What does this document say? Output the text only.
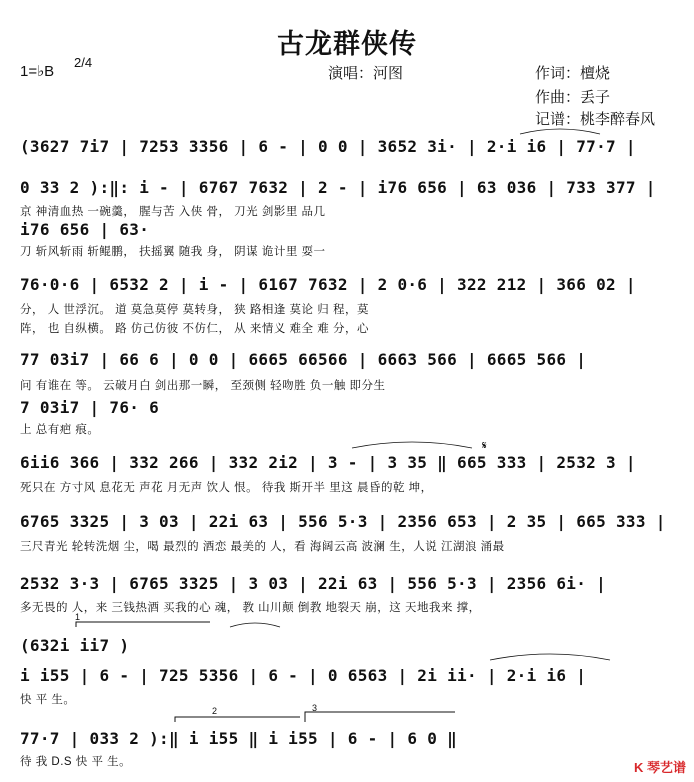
古龙群侠传
1=♭B
2/4
演唱：河图	作词：檀烧
作曲：丢子
记谱：桃李醉春风
(3627 7i7 | 7253 3356 | 6 - | 0 0 | 3652 3i· | 2·i i6 | 77·7 |
0 33 2 ):‖: i - | 6767 7632 | 2 - | i76 656 | 63 036 | 733 377 |
京 神清血热 一碗羹， 腥与苦 入侠 骨， 刀光 剑影里 品几
i76 656 | 63·
刀 斩风斩雨 斩鲲鹏， 扶摇翼 随我 身， 阴谋 诡计里 耍一
76·0·6 | 6532 2 | i - | 6167 7632 | 2 0·6 | 322 212 | 366 02 |
分， 人 世浮沉。 道 莫急莫停 莫转身， 狭 路相逢 莫论 归 程，莫
阵， 也 自纵横。 路 仿己仿彼 不仿仁， 从 来情义 难全 难 分，心
77 03i7 | 66 6 | 0 0 | 6665 66566 | 6663 566 | 6665 566 |
问 有谁在 等。 云破月白 剑出那一瞬， 至颈侧 轻吻胜 负一触 即分生
7 03i7 | 76· 6
上 总有疤 痕。
6ii6 366 | 332 266 | 332 2i2 | 3 - | 3 35 ‖ 665 333 | 2532 3 |
死只在 方寸风 息花无 声花 月无声 饮人 恨。 待我 斯开半 里这 晨昏的乾 坤，
6765 3325 | 3 03 | 22i 63 | 556 5·3 | 2356 653 | 2 35 | 665 333 |
三尺青光 轮转洗烟 尘，喝 最烈的 酒恋 最美的 人，看 海阔云高 波澜 生，人说 江湖浪 涌最
2532 3·3 | 6765 3325 | 3 03 | 22i 63 | 556 5·3 | 2356 6i· |
多无畏的 人，来 三钱热酒 买我的心 魂， 教 山川颠 倒教 地裂天 崩，这 天地我来 撑，
(632i ii7 )
i i55 | 6 - | 725 5356 | 6 - | 0 6563 | 2i ii· | 2·i i6 |
快 平 生。
77·7 | 033 2 ):‖ i i55 ‖ i i55 | 6 - | 6 0 ‖
待 我 D.S 快 平 生。
𝄋
1
2	3
K 琴艺谱
